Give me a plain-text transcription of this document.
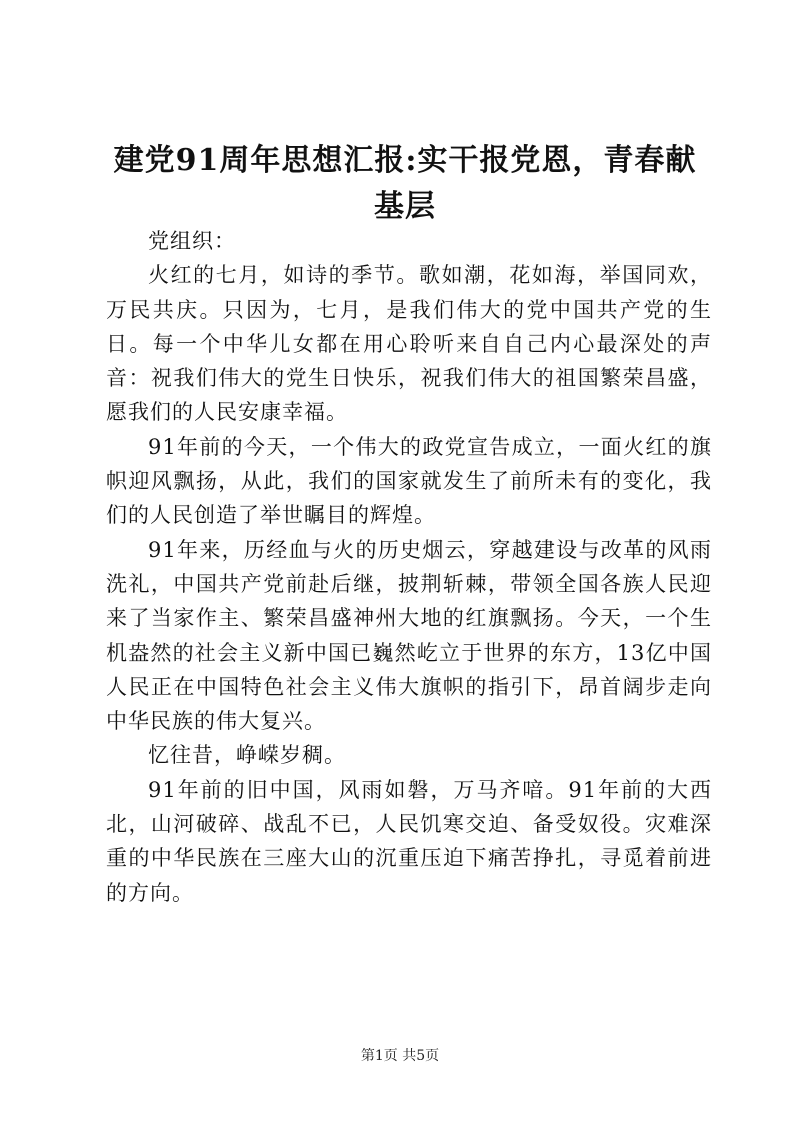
建党91周年思想汇报:实干报党恩，青春献基层

党组织：

火红的七月，如诗的季节。歌如潮，花如海，举国同欢，万民共庆。只因为，七月，是我们伟大的党中国共产党的生日。每一个中华儿女都在用心聆听来自自己内心最深处的声音：祝我们伟大的党生日快乐，祝我们伟大的祖国繁荣昌盛，愿我们的人民安康幸福。

91年前的今天，一个伟大的政党宣告成立，一面火红的旗帜迎风飘扬，从此，我们的国家就发生了前所未有的变化，我们的人民创造了举世瞩目的辉煌。

91年来，历经血与火的历史烟云，穿越建设与改革的风雨洗礼，中国共产党前赴后继，披荆斩棘，带领全国各族人民迎来了当家作主、繁荣昌盛神州大地的红旗飘扬。今天，一个生机盎然的社会主义新中国已巍然屹立于世界的东方，13亿中国人民正在中国特色社会主义伟大旗帜的指引下，昂首阔步走向中华民族的伟大复兴。

忆往昔，峥嵘岁稠。

91年前的旧中国，风雨如磐，万马齐喑。91年前的大西北，山河破碎、战乱不已，人民饥寒交迫、备受奴役。灾难深重的中华民族在三座大山的沉重压迫下痛苦挣扎，寻觅着前进的方向。

第1页 共5页
